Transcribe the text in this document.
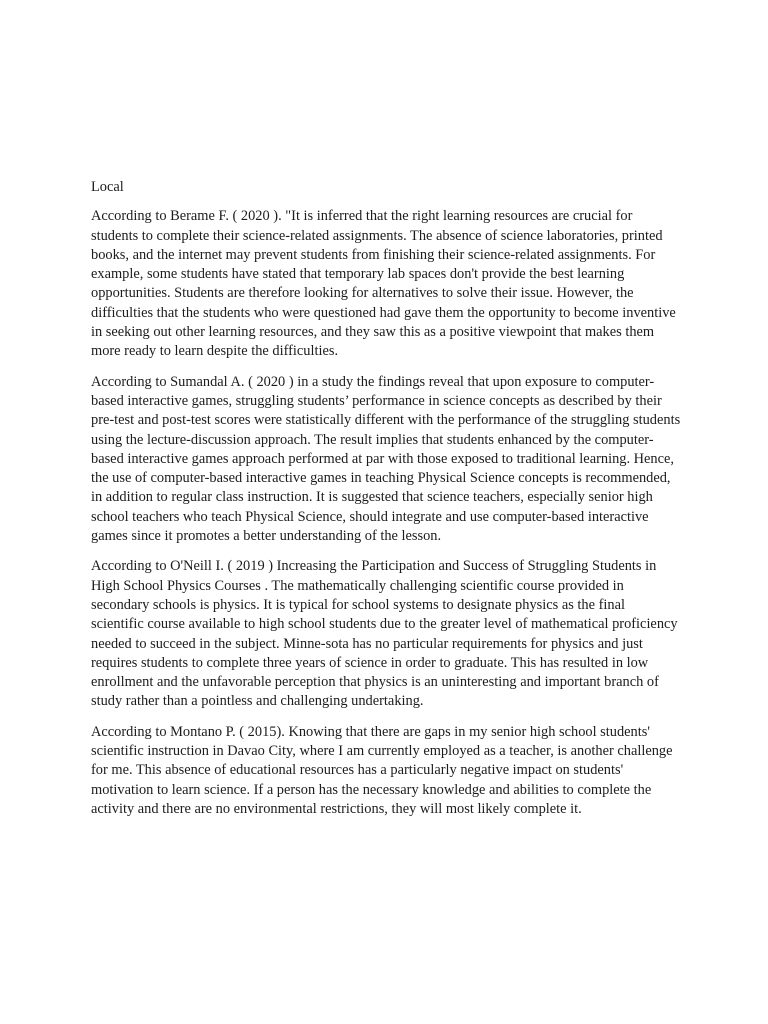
Local

According to Berame F. ( 2020 ). "It is inferred that the right learning resources are crucial for students to complete their science-related assignments. The absence of science laboratories, printed books, and the internet may prevent students from finishing their science-related assignments. For example, some students have stated that temporary lab spaces don't provide the best learning opportunities. Students are therefore looking for alternatives to solve their issue. However, the difficulties that the students who were questioned had gave them the opportunity to become inventive in seeking out other learning resources, and they saw this as a positive viewpoint that makes them more ready to learn despite the difficulties.

According to Sumandal A. ( 2020 ) in a study the findings reveal that upon exposure to computer-based interactive games, struggling students’ performance in science concepts as described by their pre-test and post-test scores were statistically different with the performance of the struggling students using the lecture-discussion approach. The result implies that students enhanced by the computer-based interactive games approach performed at par with those exposed to traditional learning. Hence, the use of computer-based interactive games in teaching Physical Science concepts is recommended, in addition to regular class instruction. It is suggested that science teachers, especially senior high school teachers who teach Physical Science, should integrate and use computer-based interactive games since it promotes a better understanding of the lesson.

According to O'Neill I. ( 2019 ) Increasing the Participation and Success of Struggling Students in High School Physics Courses . The mathematically challenging scientific course provided in secondary schools is physics. It is typical for school systems to designate physics as the final scientific course available to high school students due to the greater level of mathematical proficiency needed to succeed in the subject. Minne-sota has no particular requirements for physics and just requires students to complete three years of science in order to graduate. This has resulted in low enrollment and the unfavorable perception that physics is an uninteresting and important branch of study rather than a pointless and challenging undertaking.

According to Montano P. ( 2015). Knowing that there are gaps in my senior high school students' scientific instruction in Davao City, where I am currently employed as a teacher, is another challenge for me. This absence of educational resources has a particularly negative impact on students' motivation to learn science. If a person has the necessary knowledge and abilities to complete the activity and there are no environmental restrictions, they will most likely complete it.
